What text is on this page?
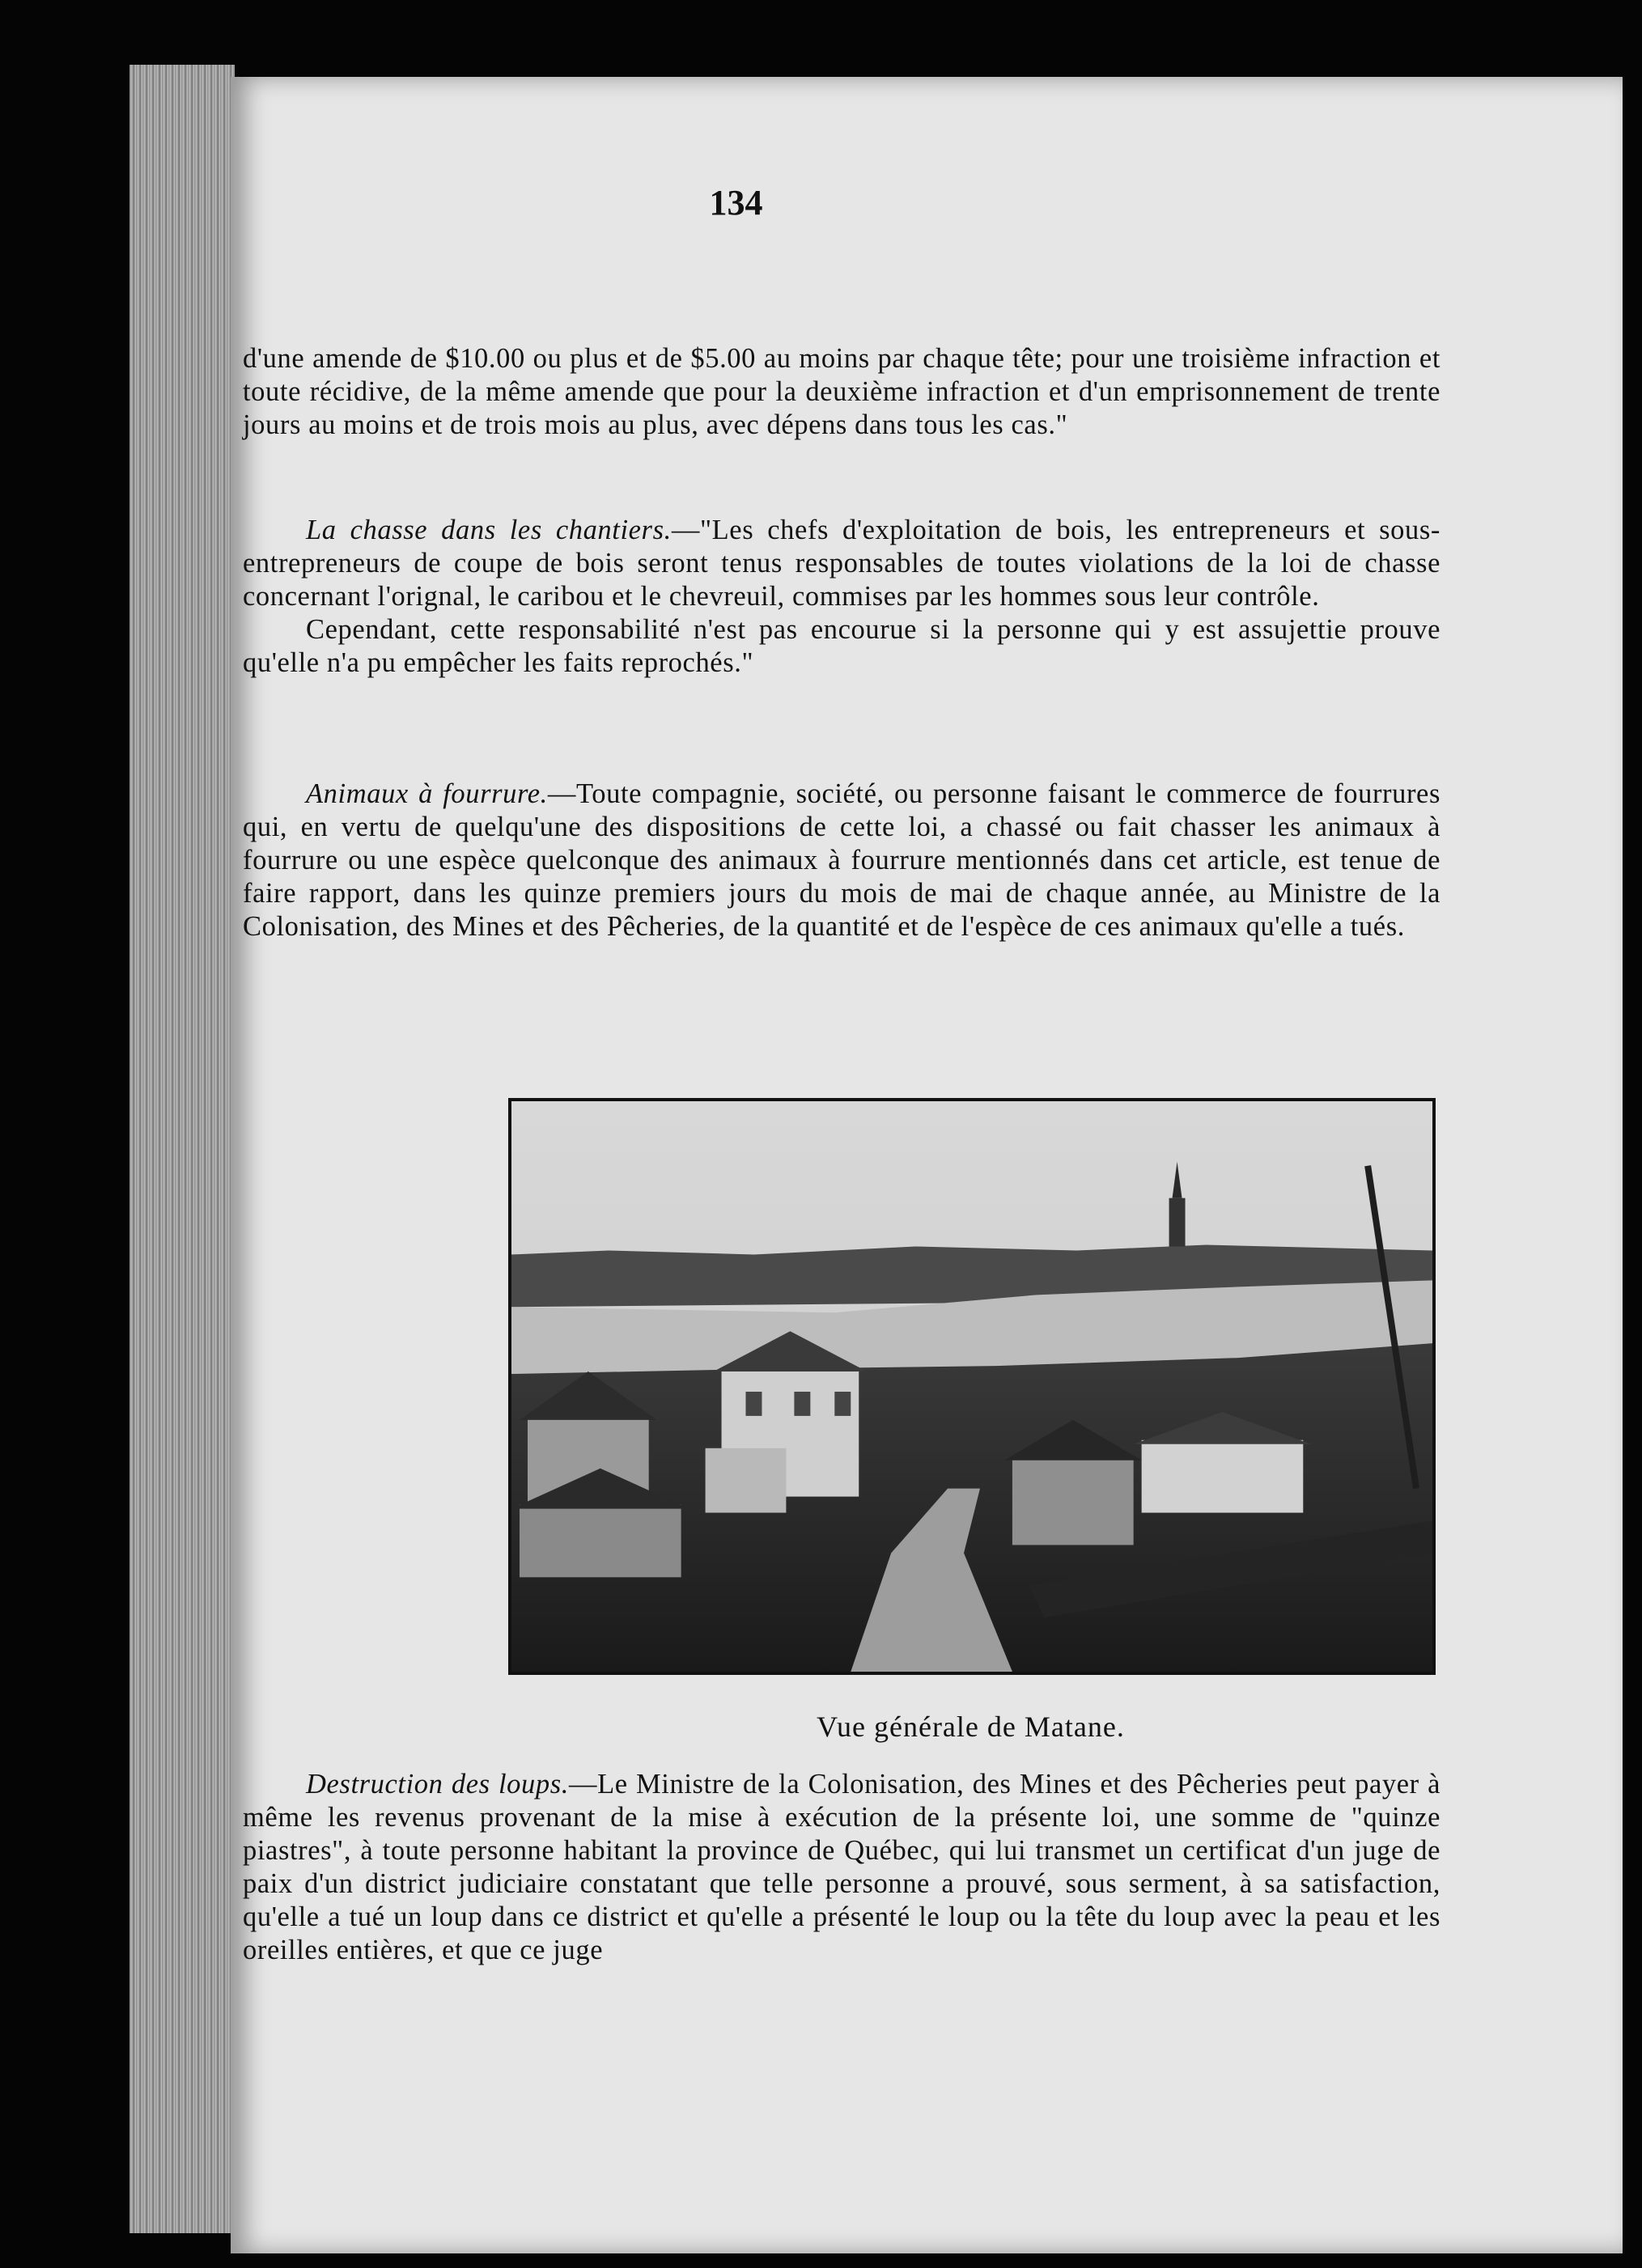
134

d'une amende de $10.00 ou plus et de $5.00 au moins par chaque tête; pour une troisième infraction et toute récidive, de la même amende que pour la deuxième infraction et d'un emprisonnement de trente jours au moins et de trois mois au plus, avec dépens dans tous les cas."

La chasse dans les chantiers.—"Les chefs d'exploitation de bois, les entrepreneurs et sous-entrepreneurs de coupe de bois seront tenus responsables de toutes violations de la loi de chasse concernant l'orignal, le caribou et le chevreuil, commises par les hommes sous leur contrôle.

Cependant, cette responsabilité n'est pas encourue si la personne qui y est assujettie prouve qu'elle n'a pu empêcher les faits reprochés."

Animaux à fourrure.—Toute compagnie, société, ou personne faisant le commerce de fourrures qui, en vertu de quelqu'une des dispositions de cette loi, a chassé ou fait chasser les animaux à fourrure ou une espèce quelconque des animaux à fourrure mentionnés dans cet article, est tenue de faire rapport, dans les quinze premiers jours du mois de mai de chaque année, au Ministre de la Colonisation, des Mines et des Pêcheries, de la quantité et de l'espèce de ces animaux qu'elle a tués.

Vue générale de Matane.

Destruction des loups.—Le Ministre de la Colonisation, des Mines et des Pêcheries peut payer à même les revenus provenant de la mise à exécution de la présente loi, une somme de "quinze piastres", à toute personne habitant la province de Québec, qui lui transmet un certificat d'un juge de paix d'un district judiciaire constatant que telle personne a prouvé, sous serment, à sa satisfaction, qu'elle a tué un loup dans ce district et qu'elle a présenté le loup ou la tête du loup avec la peau et les oreilles entières, et que ce juge
